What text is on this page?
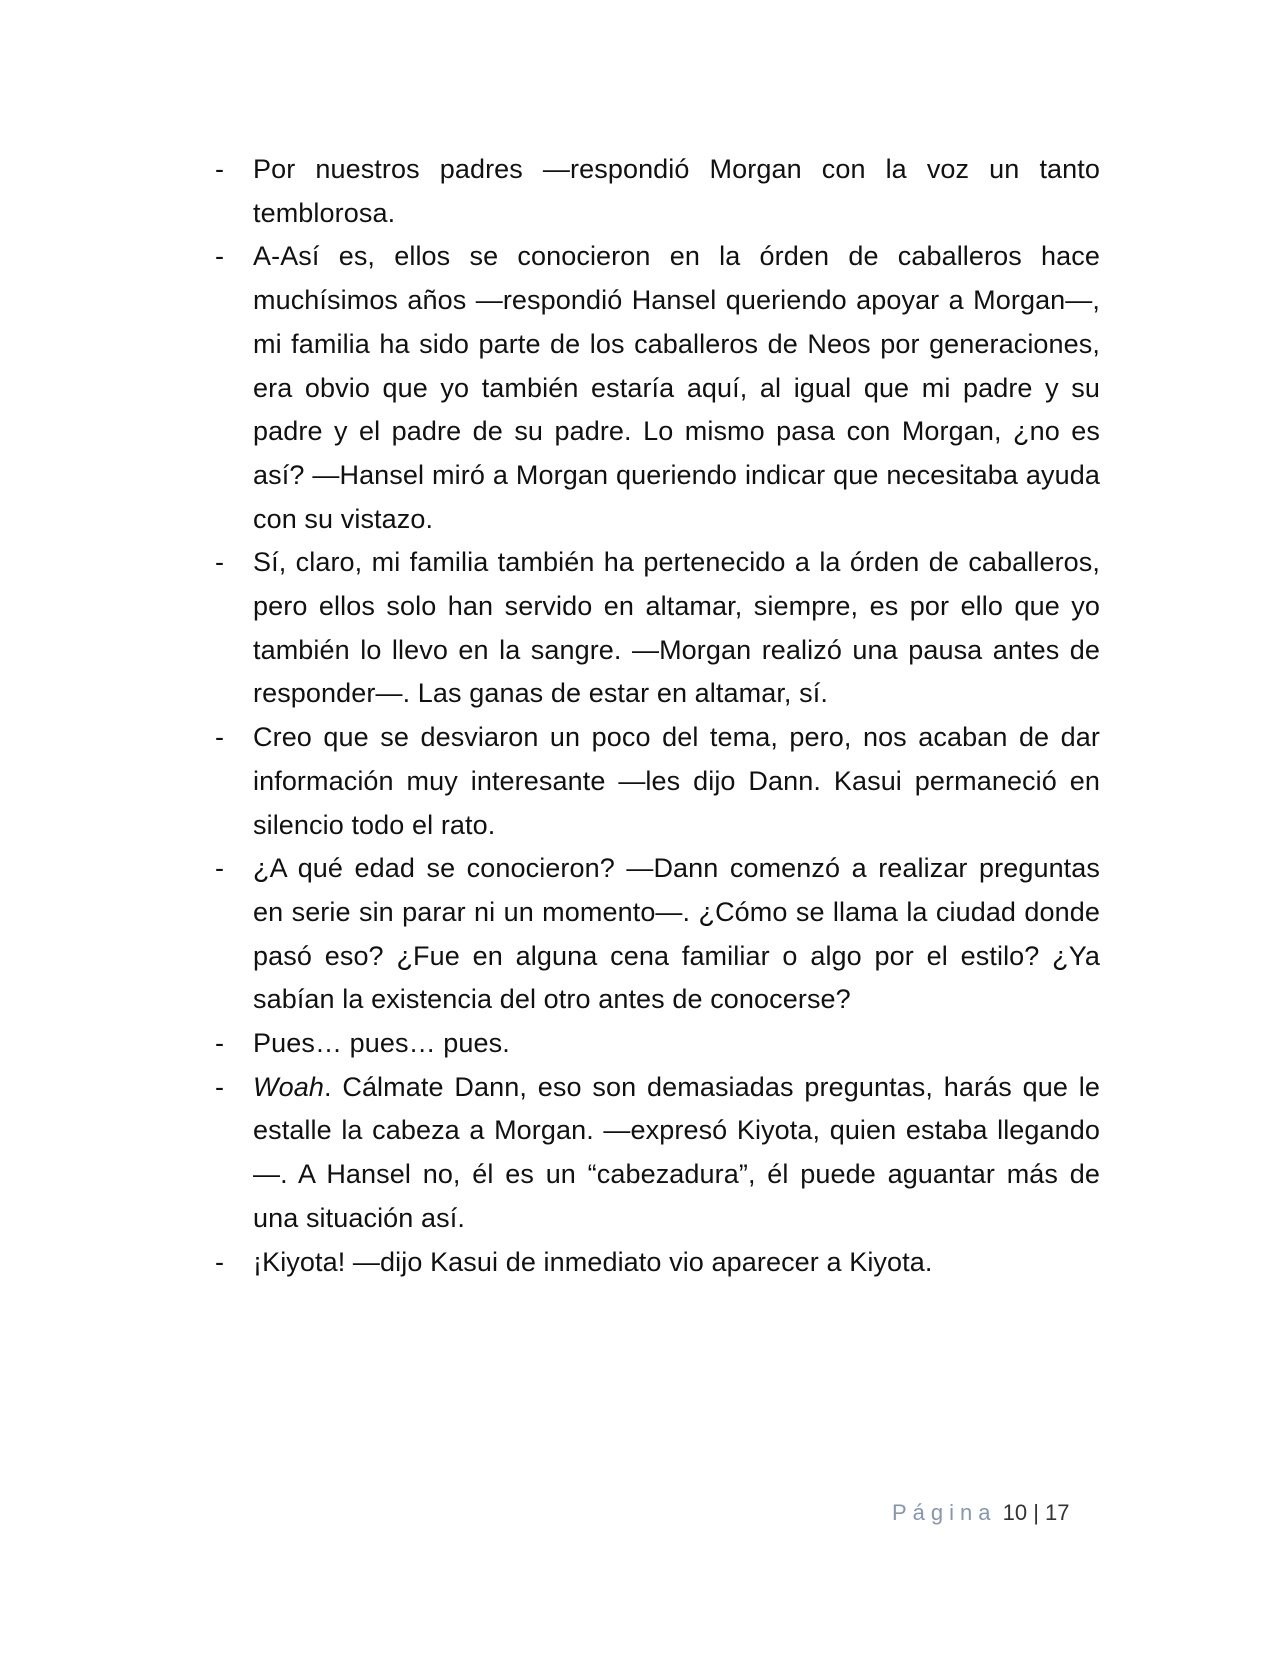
- Por nuestros padres —respondió Morgan con la voz un tanto temblorosa.
- A-Así es, ellos se conocieron en la órden de caballeros hace muchísimos años —respondió Hansel queriendo apoyar a Morgan—, mi familia ha sido parte de los caballeros de Neos por generaciones, era obvio que yo también estaría aquí, al igual que mi padre y su padre y el padre de su padre. Lo mismo pasa con Morgan, ¿no es así? —Hansel miró a Morgan queriendo indicar que necesitaba ayuda con su vistazo.
- Sí, claro, mi familia también ha pertenecido a la órden de caballeros, pero ellos solo han servido en altamar, siempre, es por ello que yo también lo llevo en la sangre. —Morgan realizó una pausa antes de responder—. Las ganas de estar en altamar, sí.
- Creo que se desviaron un poco del tema, pero, nos acaban de dar información muy interesante —les dijo Dann. Kasui permaneció en silencio todo el rato.
- ¿A qué edad se conocieron? —Dann comenzó a realizar preguntas en serie sin parar ni un momento—. ¿Cómo se llama la ciudad donde pasó eso? ¿Fue en alguna cena familiar o algo por el estilo? ¿Ya sabían la existencia del otro antes de conocerse?
- Pues… pues… pues.
- Woah. Cálmate Dann, eso son demasiadas preguntas, harás que le estalle la cabeza a Morgan. —expresó Kiyota, quien estaba llegando—. A Hansel no, él es un “cabezadura”, él puede aguantar más de una situación así.
- ¡Kiyota! —dijo Kasui de inmediato vio aparecer a Kiyota.
Página 10 | 17
